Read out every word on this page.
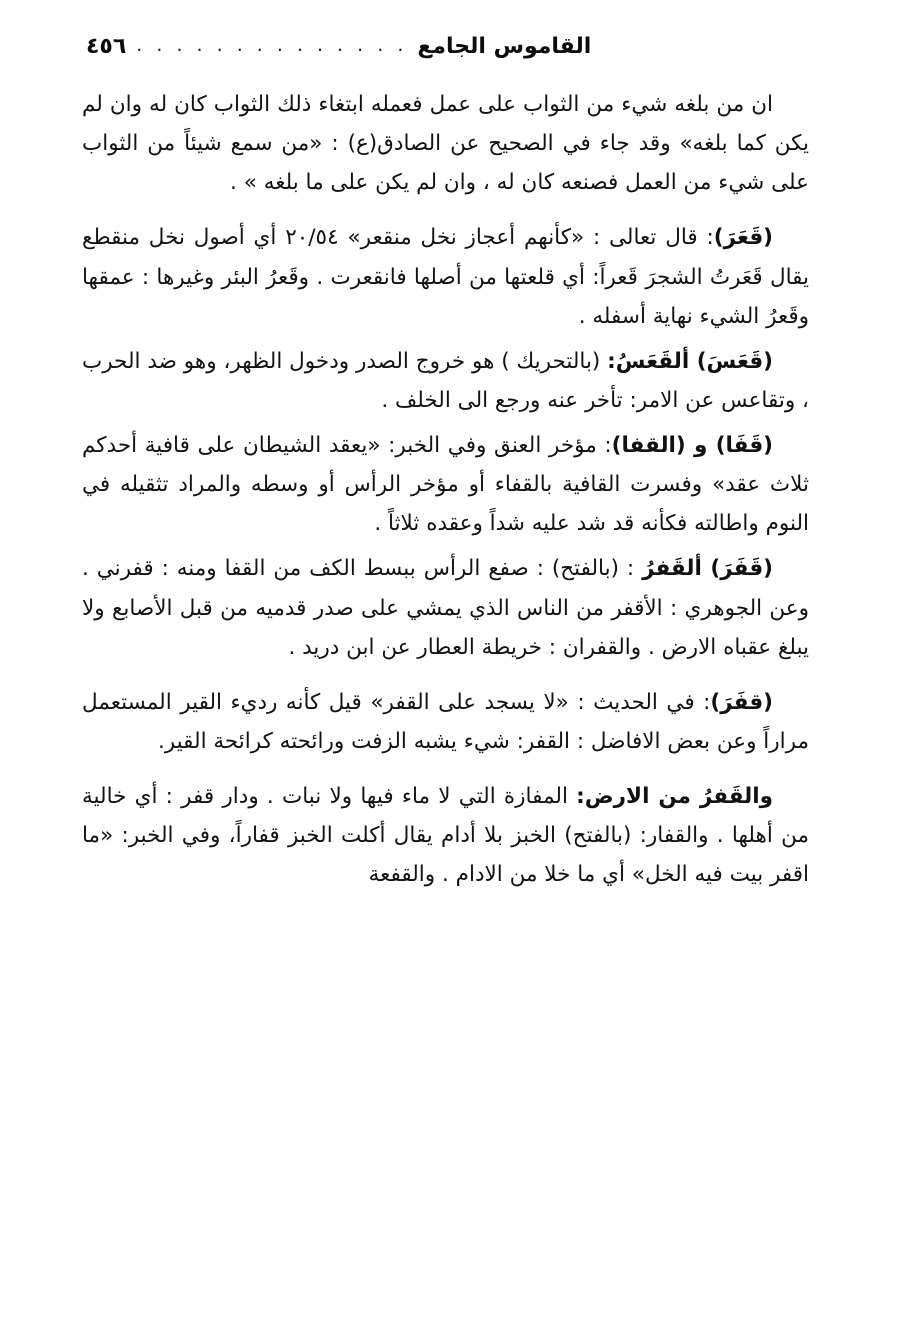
٤٥٦ . . . . . . . . . . . . . . القاموس الجامع

ان من بلغه شيء من الثواب على عمل فعمله ابتغاء ذلك الثواب كان له وان لم يكن كما بلغه» وقد جاء في الصحيح عن الصادق(ع) : «من سمع شيئاً من الثواب على شيء من العمل فصنعه كان له ، وان لم يكن على ما بلغه » .

(قَعَرَ): قال تعالى : «كأنهم أعجاز نخل منقعر» ٢٠/٥٤ أي أصول نخل منقطع يقال قَعَرتُ الشجرَ قَعراً: أي قلعتها من أصلها فانقعرت . وقَعرُ البئر وغيرها : عمقها وقَعرُ الشيء نهاية أسفله .

(قَعَسَ) ألقَعَسُ: (بالتحريك ) هو خروج الصدر ودخول الظهر، وهو ضد الحرب ، وتقاعس عن الامر: تأخر عنه ورجع الى الخلف .

(قَفَا) و (القفا): مؤخر العنق وفي الخبر: «يعقد الشيطان على قافية أحدكم ثلاث عقد» وفسرت القافية بالقفاء أو مؤخر الرأس أو وسطه والمراد تثقيله في النوم واطالته فكأنه قد شد عليه شداً وعقده ثلاثاً .

(قَفَرَ) ألقَفرُ : (بالفتح) : صفع الرأس ببسط الكف من القفا ومنه : قفرني . وعن الجوهري : الأقفر من الناس الذي يمشي على صدر قدميه من قبل الأصابع ولا يبلغ عقباه الارض . والقفران : خريطة العطار عن ابن دريد .

(قفَرَ): في الحديث : «لا يسجد على القفر» قيل كأنه رديء القير المستعمل مراراً وعن بعض الافاضل : القفر: شيء يشبه الزفت ورائحته كرائحة القير.

والقَفرُ من الارض: المفازة التي لا ماء فيها ولا نبات . ودار قفر : أي خالية من أهلها . والقفار: (بالفتح) الخبز بلا أدام يقال أكلت الخبز قفاراً، وفي الخبر: «ما اقفر بيت فيه الخل» أي ما خلا من الادام . والقفعة
